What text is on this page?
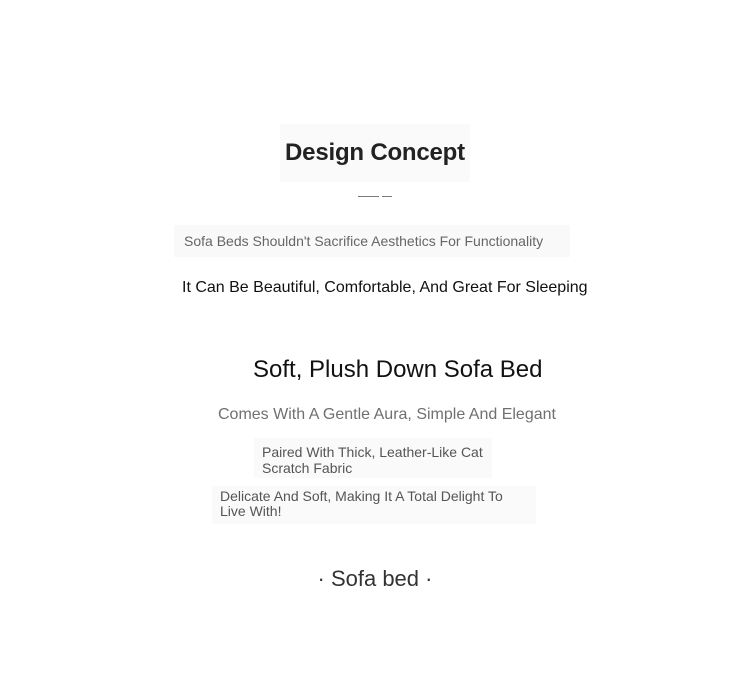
Design Concept
Sofa Beds Shouldn't Sacrifice Aesthetics For Functionality
It Can Be Beautiful, Comfortable, And Great For Sleeping
Soft, Plush Down Sofa Bed
Comes With A Gentle Aura, Simple And Elegant
Paired With Thick, Leather-Like Cat Scratch Fabric
Delicate And Soft, Making It A Total Delight To Live With!
· Sofa bed ·
